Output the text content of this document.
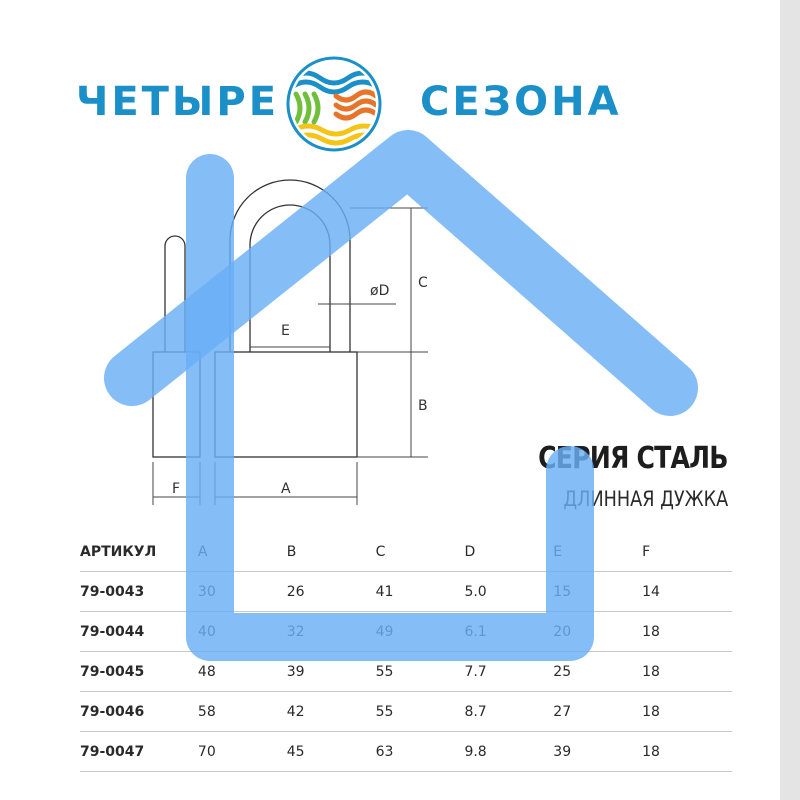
ЧЕТЫРЕ	СЕЗОНА
C
øD
E
B
F	A
СЕРИЯ СТАЛЬ
ДЛИННАЯ ДУЖКА
АРТИКУЛ	A	B	C	D	E	F
79-0043	30	26	41	5.0	15	14
79-0044	40	32	49	6.1	20	18
79-0045	48	39	55	7.7	25	18
79-0046	58	42	55	8.7	27	18
79-0047	70	45	63	9.8	39	18
